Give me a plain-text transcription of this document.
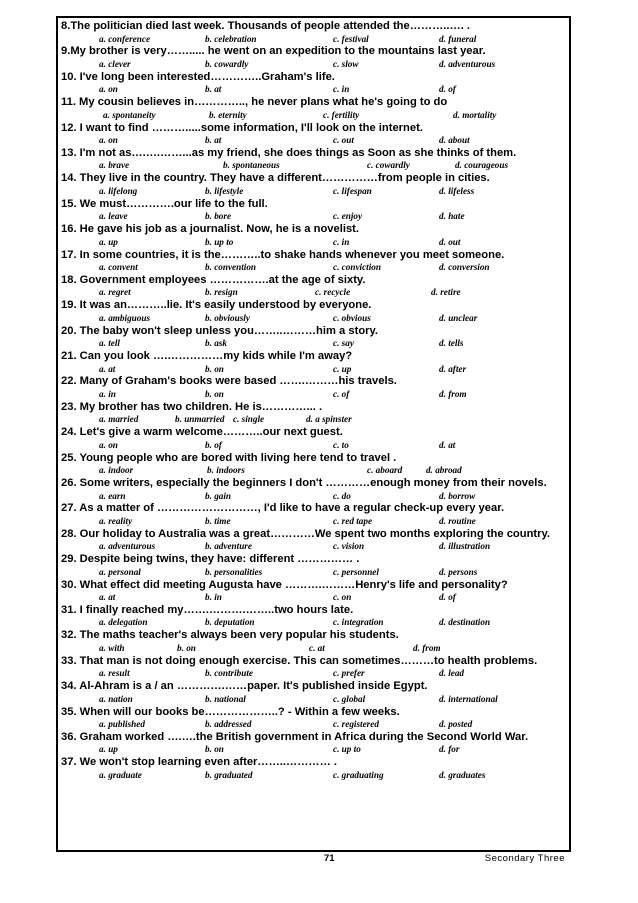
8.The politician died last week. Thousands of people attended the………..…. .
a. conference	b. celebration	c. festival	d. funeral
9.My brother is very……..... he went on an expedition to the mountains last year.
a. clever	b. cowardly	c. slow	d. adventurous
10. I've long been interested…………..Graham's life.
a. on	b. at	c. in	d. of
11. My cousin believes in………….., he never plans what he's going to do
a. spontaneity	b. eternity	c. fertility	d. mortality
12. I want to find ……….....some information, I'll look on the internet.
a. on	b. at	c. out	d. about
13. I'm not as….….……...as my friend, she does things as Soon as she thinks of them.
a. brave	b. spontaneous	c. cowardly	d. courageous
14. They live in the country. They have a different……………from people in cities.
a. lifelong	b. lifestyle	c. lifespan	d. lifeless
15. We must………….our life to the full.
a. leave	b. bore	c. enjoy	d. hate
16. He gave his job as a journalist. Now, he is a novelist.
a. up	b. up to	c. in	d. out
17. In some countries, it is the………..to shake hands whenever you meet someone.
a. convent	b. convention	c. conviction	d. conversion
18. Government employees …………….at the age of sixty.
a. regret	b. resign	c. recycle	d. retire
19. It was an………..lie. It's easily understood by everyone.
a. ambiguous	b. obviously	c. obvious	d. unclear
20. The baby won't sleep unless you……..………him a story.
a. tell	b. ask	c. say	d. tells
21. Can you look ….……………my kids while I'm away?
a. at	b. on	c. up	d. after
22. Many of Graham's books were based …….………his travels.
a. in	b. on	c. of	d. from
23. My brother has two children. He is…………... .
a. married	b. unmarried c. single	d. a spinster
24. Let's give a warm welcome………..our next guest.
a. on	b. of	c. to	d. at
25. Young people who are bored with living here tend to travel .
a. indoor	b. indoors	c. aboard	d. abroad
26. Some writers, especially the beginners I don't …………enough money from their novels.
a. earn	b. gain	c. do	d. borrow
27. As a matter of ………………………, I'd like to have a regular check-up every year.
a. reality	b. time	c. red tape	d. routine
28. Our holiday to Australia was a great…………We spent two months exploring the country.
a. adventurous	b. adventure	c. vision	d. illustration
29. Despite being twins, they have: different …………… .
a. personal	b. personalities	c. personnel	d. persons
30. What effect did meeting Augusta have ……….………Henry's life and personality?
a. at	b. in	c. on	d. of
31. I finally reached my…….……….……..two hours late.
a. delegation	b. deputation	c. integration	d. destination
32. The maths teacher's always been very popular his students.
a. with	b. on	c. at	d. from
33. That man is not doing enough exercise. This can sometimes………to health problems.
a. result	b. contribute	c. prefer	d. lead
34. Al-Ahram is a / an ………….……paper. It's published inside Egypt.
a. nation	b. national	c. global	d. international
35. When will our books be………………..? - Within a few weeks.
a. published	b. addressed	c. registered	d. posted
36. Graham worked ….….the British government in Africa during the Second World War.
a. up	b. on	c. up to	d. for
37. We won't stop learning even after……..………… .
a. graduate	b. graduated	c. graduating	d. graduates
71	Secondary Three
